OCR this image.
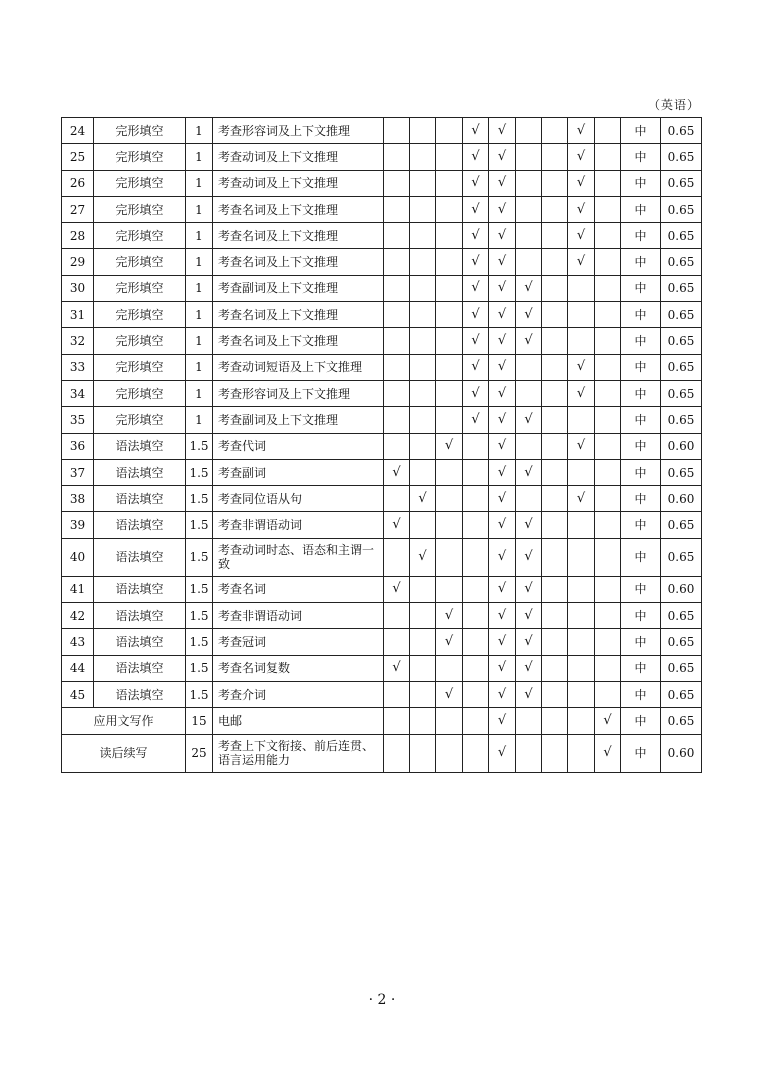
（英语）
24	完形填空	1	考查形容词及上下文推理				√	√			√		中	0.65
25	完形填空	1	考查动词及上下文推理				√	√			√		中	0.65
26	完形填空	1	考查动词及上下文推理				√	√			√		中	0.65
27	完形填空	1	考查名词及上下文推理				√	√			√		中	0.65
28	完形填空	1	考查名词及上下文推理				√	√			√		中	0.65
29	完形填空	1	考查名词及上下文推理				√	√			√		中	0.65
30	完形填空	1	考查副词及上下文推理				√	√	√				中	0.65
31	完形填空	1	考查名词及上下文推理				√	√	√				中	0.65
32	完形填空	1	考查名词及上下文推理				√	√	√				中	0.65
33	完形填空	1	考查动词短语及上下文推理				√	√			√		中	0.65
34	完形填空	1	考查形容词及上下文推理				√	√			√		中	0.65
35	完形填空	1	考查副词及上下文推理				√	√	√				中	0.65
36	语法填空	1.5	考查代词			√		√			√		中	0.60
37	语法填空	1.5	考查副词	√				√	√				中	0.65
38	语法填空	1.5	考查同位语从句		√			√			√		中	0.60
39	语法填空	1.5	考查非谓语动词	√				√	√				中	0.65
40	语法填空	1.5	考查动词时态、语态和主谓一致		√			√	√				中	0.65
41	语法填空	1.5	考查名词	√				√	√				中	0.60
42	语法填空	1.5	考查非谓语动词			√		√	√				中	0.65
43	语法填空	1.5	考查冠词			√		√	√				中	0.65
44	语法填空	1.5	考查名词复数	√				√	√				中	0.65
45	语法填空	1.5	考查介词			√		√	√				中	0.65
应用文写作		15	电邮					√				√	中	0.65
读后续写		25	考查上下文衔接、前后连贯、语言运用能力					√				√	中	0.60
· 2 ·
